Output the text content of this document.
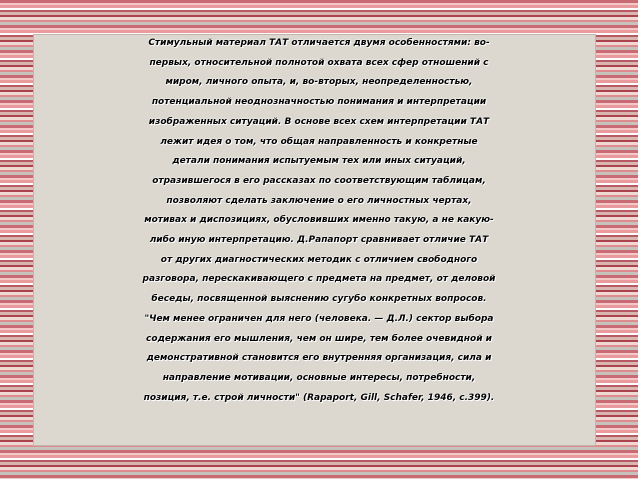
Стимульный материал ТАТ отличается двумя особенностями: во-
первых, относительной полнотой охвата всех сфер отношений с
миром, личного опыта, и, во-вторых, неопределенностью,
потенциальной неоднозначностью понимания и интерпретации
изображенных ситуаций. В основе всех схем интерпретации ТАТ
лежит идея о том, что общая направленность и конкретные
детали понимания испытуемым тех или иных ситуаций,
отразившегося в его рассказах по соответствующим таблицам,
позволяют сделать заключение о его личностных чертах,
мотивах и диспозициях, обусловивших именно такую, а не какую-
либо иную интерпретацию. Д.Рапапорт сравнивает отличие ТАТ
от других диагностических методик с отличием свободного
разговора, перескакивающего с предмета на предмет, от деловой
беседы, посвященной выяснению сугубо конкретных вопросов.
"Чем менее ограничен для него (человека. — Д.Л.) сектор выбора
содержания его мышления, чем он шире, тем более очевидной и
демонстративной становится его внутренняя организация, сила и
направление мотивации, основные интересы, потребности,
позиция, т.е. строй личности" (Rapaport, Gill, Schafer, 1946, с.399).
